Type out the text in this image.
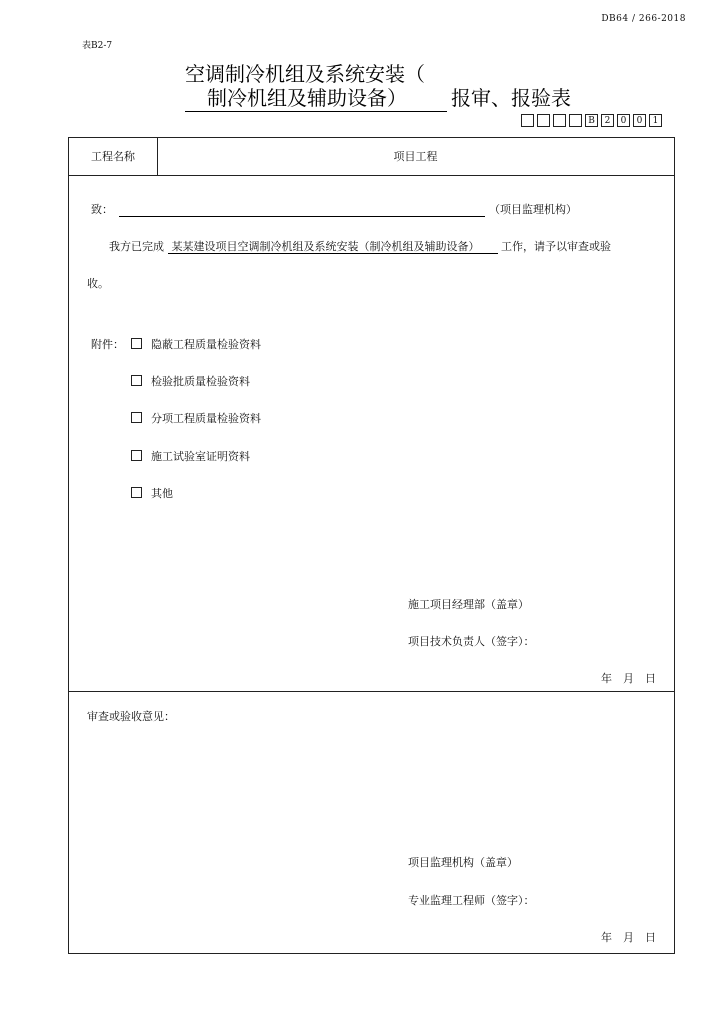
DB64 / 266-2018
表B2-7
空调制冷机组及系统安装（
制冷机组及辅助设备） 报审、报验表
B	2	0	0	1
工程名称	项目工程
致：	（项目监理机构）
我方已完成 某某建设项目空调制冷机组及系统安装（制冷机组及辅助设备） 工作，请予以审查或验
收。
附件：	隐蔽工程质量检验资料
检验批质量检验资料
分项工程质量检验资料
施工试验室证明资料
其他
施工项目经理部（盖章）
项目技术负责人（签字）：
年　月　日
审查或验收意见：
项目监理机构（盖章）
专业监理工程师（签字）：
年　月　日
